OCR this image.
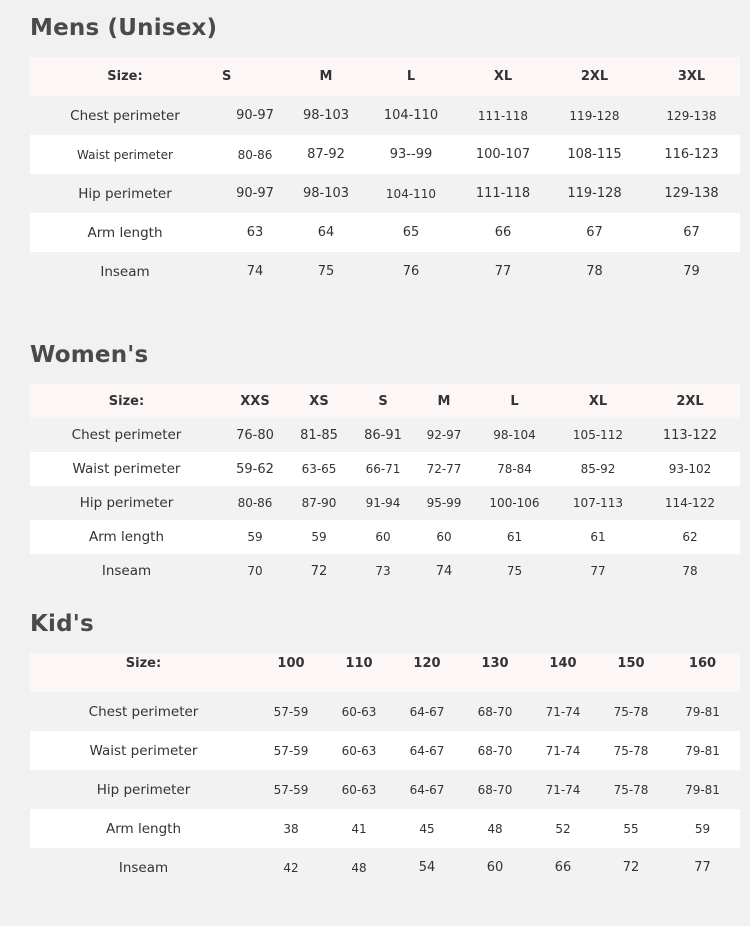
Mens (Unisex)
Size:	S	M	L	XL	2XL	3XL
Chest perimeter	90-97	98-103	104-110	111-118	119-128	129-138
Waist perimeter	80-86	87-92	93--99	100-107	108-115	116-123
Hip perimeter	90-97	98-103	104-110	111-118	119-128	129-138
Arm length	63	64	65	66	67	67
Inseam	74	75	76	77	78	79

Women's
Size:	XXS	XS	S	M	L	XL	2XL
Chest perimeter	76-80	81-85	86-91	92-97	98-104	105-112	113-122
Waist perimeter	59-62	63-65	66-71	72-77	78-84	85-92	93-102
Hip perimeter	80-86	87-90	91-94	95-99	100-106	107-113	114-122
Arm length	59	59	60	60	61	61	62
Inseam	70	72	73	74	75	77	78

Kid's
Size:	100	110	120	130	140	150	160
Chest perimeter	57-59	60-63	64-67	68-70	71-74	75-78	79-81
Waist perimeter	57-59	60-63	64-67	68-70	71-74	75-78	79-81
Hip perimeter	57-59	60-63	64-67	68-70	71-74	75-78	79-81
Arm length	38	41	45	48	52	55	59
Inseam	42	48	54	60	66	72	77
